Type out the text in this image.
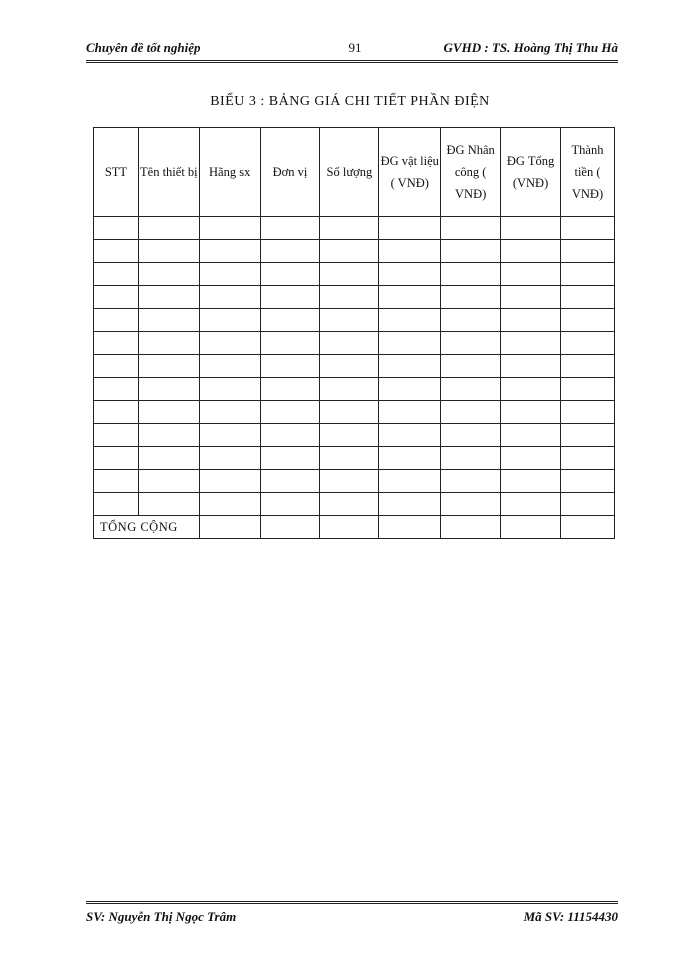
Chuyên đề tốt nghiệp	91	GVHD : TS. Hoàng Thị Thu Hà
BIỂU 3 : BẢNG GIÁ CHI TIẾT PHẦN ĐIỆN
STT	Tên thiết bị	Hãng sx	Đơn vị	Số lượng	ĐG vật liệu ( VNĐ)	ĐG Nhân công ( VNĐ)	ĐG Tổng (VNĐ)	Thành tiền ( VNĐ)

TỔNG CỘNG								
SV: Nguyễn Thị Ngọc Trâm	Mã SV: 11154430
